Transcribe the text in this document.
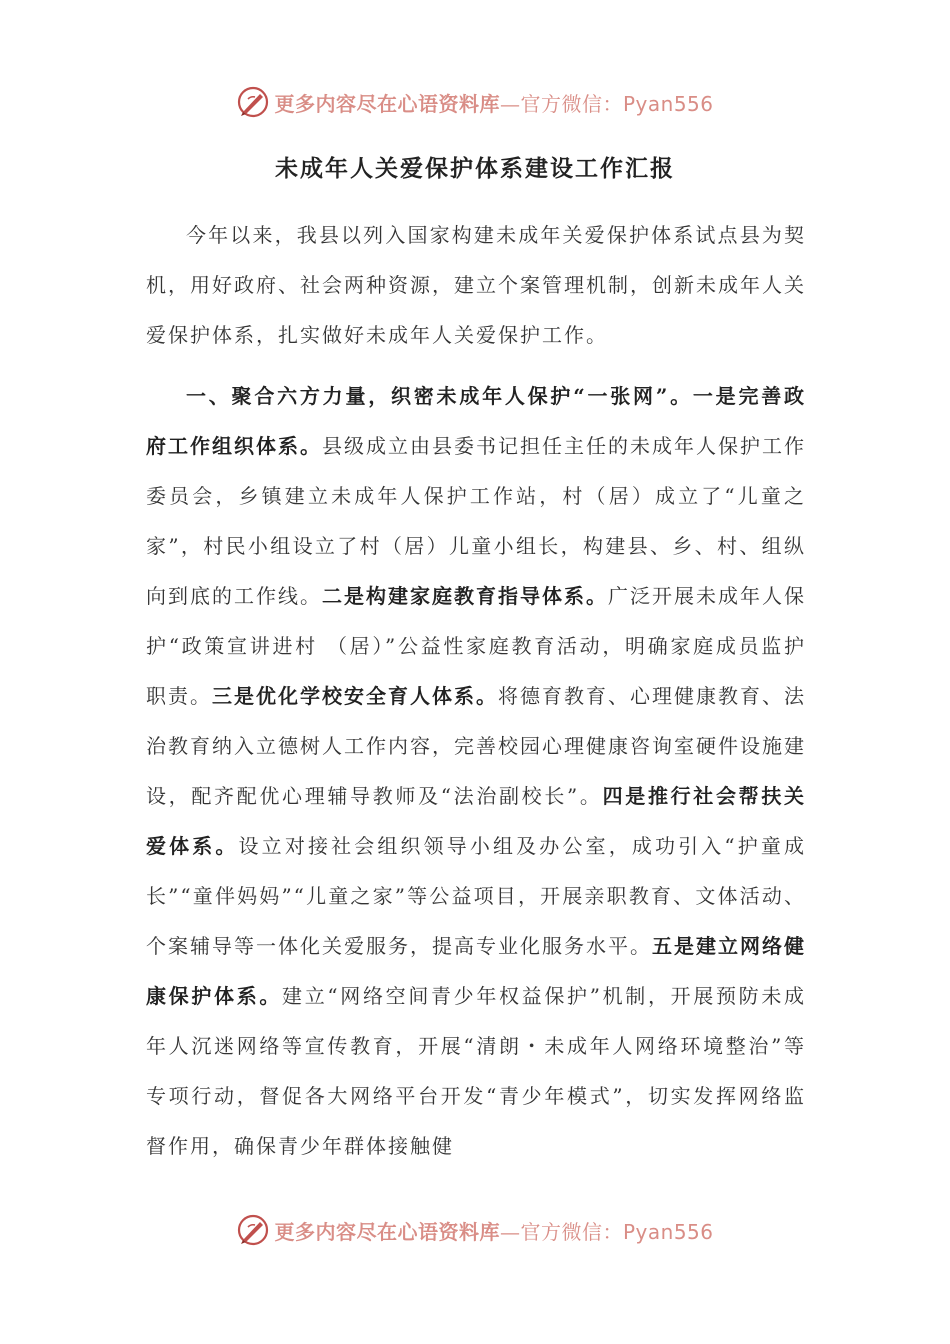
更多内容尽在心语资料库—官方微信：Pyan556
未成年人关爱保护体系建设工作汇报

今年以来，我县以列入国家构建未成年关爱保护体系试点县为契机，用好政府、社会两种资源，建立个案管理机制，创新未成年人关爱保护体系，扎实做好未成年人关爱保护工作。

一、聚合六方力量，织密未成年人保护“一张网”。一是完善政府工作组织体系。县级成立由县委书记担任主任的未成年人保护工作委员会，乡镇建立未成年人保护工作站，村（居）成立了“儿童之家”，村民小组设立了村（居）儿童小组长，构建县、乡、村、组纵向到底的工作线。二是构建家庭教育指导体系。广泛开展未成年人保护“政策宣讲进村 （居）”公益性家庭教育活动，明确家庭成员监护职责。三是优化学校安全育人体系。将德育教育、心理健康教育、法治教育纳入立德树人工作内容，完善校园心理健康咨询室硬件设施建设，配齐配优心理辅导教师及“法治副校长”。四是推行社会帮扶关爱体系。设立对接社会组织领导小组及办公室，成功引入“护童成长”“童伴妈妈”“儿童之家”等公益项目，开展亲职教育、文体活动、个案辅导等一体化关爱服务，提高专业化服务水平。五是建立网络健康保护体系。建立“网络空间青少年权益保护”机制，开展预防未成年人沉迷网络等宣传教育，开展“清朗・未成年人网络环境整治”等专项行动，督促各大网络平台开发“青少年模式”，切实发挥网络监督作用，确保青少年群体接触健

更多内容尽在心语资料库—官方微信：Pyan556
